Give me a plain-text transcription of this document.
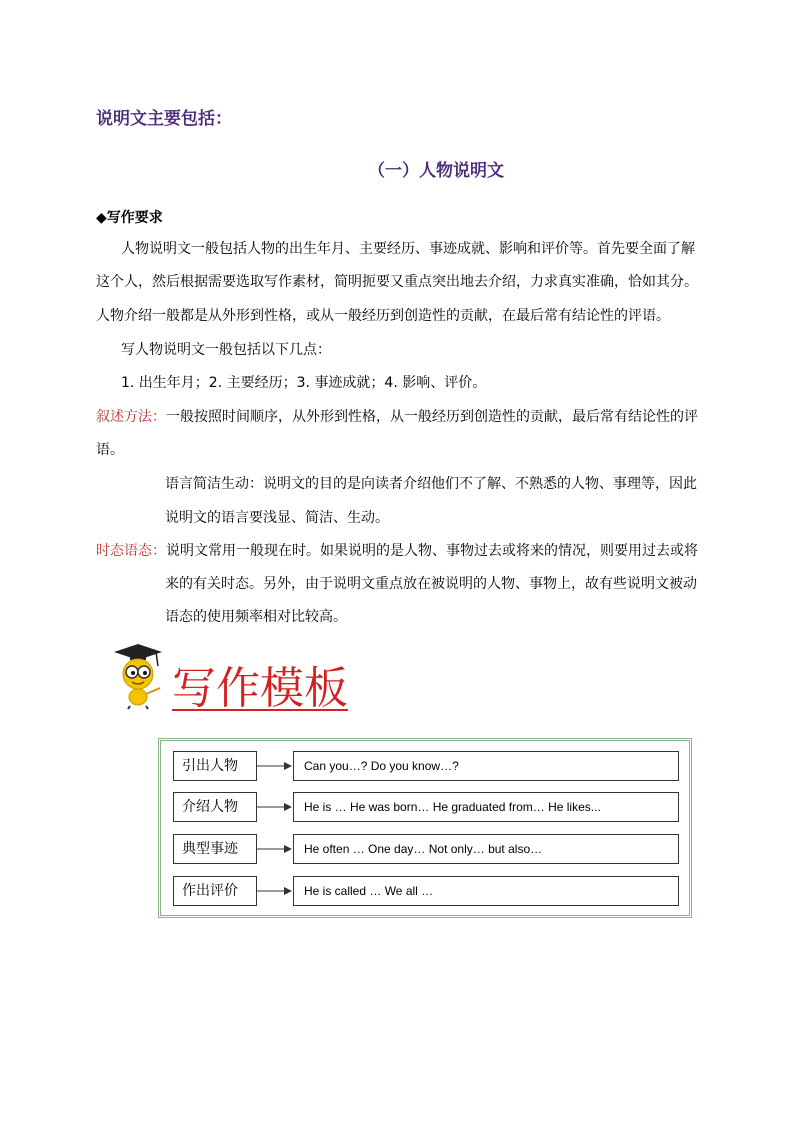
说明文主要包括：
（一）人物说明文
◆写作要求
人物说明文一般包括人物的出生年月、主要经历、事迹成就、影响和评价等。首先要全面了解
这个人，然后根据需要选取写作素材，简明扼要又重点突出地去介绍，力求真实准确，恰如其分。
人物介绍一般都是从外形到性格，或从一般经历到创造性的贡献，在最后常有结论性的评语。
写人物说明文一般包括以下几点：
1. 出生年月；2. 主要经历；3. 事迹成就；4. 影响、评价。
叙述方法：一般按照时间顺序，从外形到性格，从一般经历到创造性的贡献，最后常有结论性的评
语。
语言简洁生动：说明文的目的是向读者介绍他们不了解、不熟悉的人物、事理等，因此
说明文的语言要浅显、简洁、生动。
时态语态：说明文常用一般现在时。如果说明的是人物、事物过去或将来的情况，则要用过去或将
来的有关时态。另外，由于说明文重点放在被说明的人物、事物上，故有些说明文被动
语态的使用频率相对比较高。
写作模板
引出人物	Can you…? Do you know…?
介绍人物	He is … He was born… He graduated from… He likes...
典型事迹	He often … One day… Not only… but also…
作出评价	He is called … We all …
